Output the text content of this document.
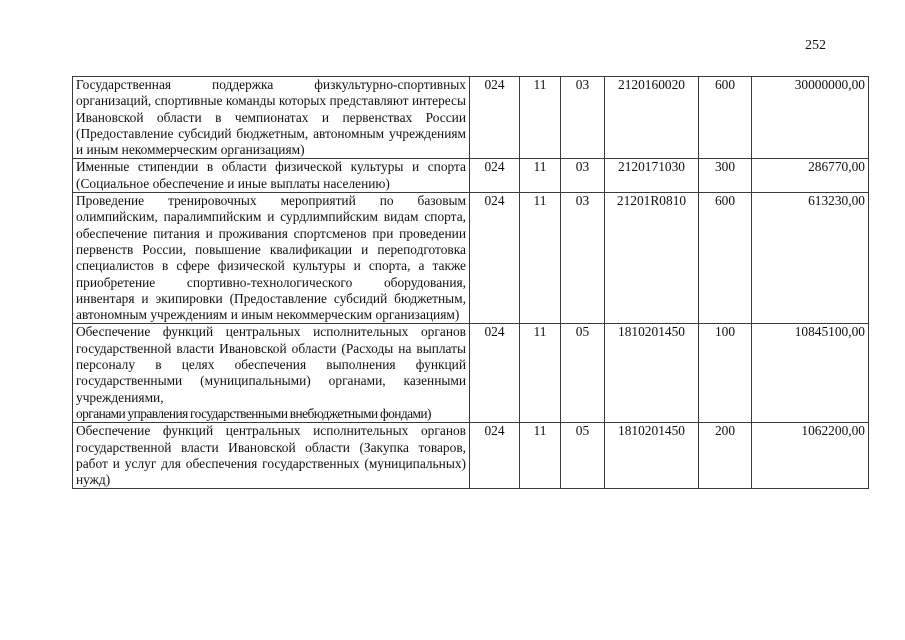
252
Государственная поддержка физкультурно-спортивных организаций, спортивные команды которых представляют интересы Ивановской области в чемпионатах и первенствах России (Предоставление субсидий бюджетным, автономным учреждениям и иным некоммерческим организациям)	024	11	03	2120160020	600	30000000,00
Именные стипендии в области физической культуры и спорта (Социальное обеспечение и иные выплаты населению)	024	11	03	2120171030	300	286770,00
Проведение тренировочных мероприятий по базовым олимпийским, паралимпийским и сурдлимпийским видам спорта, обеспечение питания и проживания спортсменов при проведении первенств России, повышение квалификации и переподготовка специалистов в сфере физической культуры и спорта, а также приобретение спортивно-технологического оборудования, инвентаря и экипировки (Предоставление субсидий бюджетным, автономным учреждениям и иным некоммерческим организациям)	024	11	03	21201R0810	600	613230,00
Обеспечение функций центральных исполнительных органов государственной власти Ивановской области (Расходы на выплаты персоналу в целях обеспечения выполнения функций государственными (муниципальными) органами, казенными учреждениями, органами управления государственными внебюджетными фондами)	024	11	05	1810201450	100	10845100,00
Обеспечение функций центральных исполнительных органов государственной власти Ивановской области (Закупка товаров, работ и услуг для обеспечения государственных (муниципальных) нужд)	024	11	05	1810201450	200	1062200,00
